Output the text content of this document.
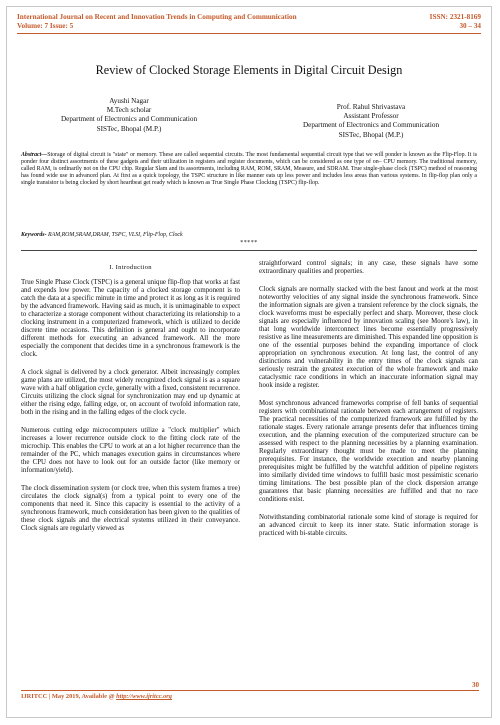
International Journal on Recent and Innovation Trends in Computing and Communication
Volume: 7 Issue: 5
ISSN: 2321-8169
30 – 34
Review of Clocked Storage Elements in Digital Circuit Design
Ayushi Nagar
M.Tech scholar
Department of Electronics and Communication
SISTec, Bhopal (M.P.)
Prof. Rahul Shrivastava
Assistant Professor
Department of Electronics and Communication
SISTec, Bhopal (M.P.)
Abstract—Storage of digital circuit is "state" or memory. These are called sequential circuits. The most fundamental sequential circuit type that we will ponder is known as the Flip-Flop. It is ponder four distinct assortments of these gadgets and their utilization in registers and register documents, which can be considered as one type of on– CPU memory. The traditional memory, called RAM, is ordinarily not on the CPU chip. Regular Slam and its assortments, including RAM, ROM, SRAM, Measure, and SDRAM. True single-phase clock (TSPC) method of reasoning has found wide use in advanced plan. At first as a quick topology, the TSPC structure in like manner eats up less power and includes less areas than various systems. In flip-flop plan only a single transistor is being clocked by short heartbeat get ready which is known as True Single Phase Clocking (TSPC) flip-flop.
Keywords- RAM,ROM,SRAM,DRAM, TSPC, VLSI, Flip-Flop, Clock
*****
I. Introduction

True Single Phase Clock (TSPC) is a general unique flip-flop that works at fast and expends low power. The capacity of a clocked storage component is to catch the data at a specific minute in time and protect it as long as it is required by the advanced framework. Having said as much, it is unimaginable to expect to characterize a storage component without characterizing its relationship to a clocking instrument in a computerized framework, which is utilized to decide discrete time occasions. This definition is general and ought to incorporate different methods for executing an advanced framework. All the more especially the component that decides time in a synchronous framework is the clock.

A clock signal is delivered by a clock generator. Albeit increasingly complex game plans are utilized, the most widely recognized clock signal is as a square wave with a half obligation cycle, generally with a fixed, consistent recurrence. Circuits utilizing the clock signal for synchronization may end up dynamic at either the rising edge, falling edge, or, on account of twofold information rate, both in the rising and in the falling edges of the clock cycle.

Numerous cutting edge microcomputers utilize a "clock multiplier" which increases a lower recurrence outside clock to the fitting clock rate of the microchip. This enables the CPU to work at an a lot higher recurrence than the remainder of the PC, which manages execution gains in circumstances where the CPU does not have to look out for an outside factor (like memory or information/yield).

The clock dissemination system (or clock tree, when this system frames a tree) circulates the clock signal(s) from a typical point to every one of the components that need it. Since this capacity is essential to the activity of a synchronous framework, much consideration has been given to the qualities of these clock signals and the electrical systems utilized in their conveyance. Clock signals are regularly viewed as

straightforward control signals; in any case, these signals have some extraordinary qualities and properties.

Clock signals are normally stacked with the best fanout and work at the most noteworthy velocities of any signal inside the synchronous framework. Since the information signals are given a transient reference by the clock signals, the clock waveforms must be especially perfect and sharp. Moreover, these clock signals are especially influenced by innovation scaling (see Moore's law), in that long worldwide interconnect lines become essentially progressively resistive as line measurements are diminished. This expanded line opposition is one of the essential purposes behind the expanding importance of clock appropriation on synchronous execution. At long last, the control of any distinctions and vulnerability in the entry times of the clock signals can seriously restrain the greatest execution of the whole framework and make cataclysmic race conditions in which an inaccurate information signal may hook inside a register.

Most synchronous advanced frameworks comprise of fell banks of sequential registers with combinational rationale between each arrangement of registers. The practical necessities of the computerized framework are fulfilled by the rationale stages. Every rationale arrange presents defer that influences timing execution, and the planning execution of the computerized structure can be assessed with respect to the planning necessities by a planning examination. Regularly extraordinary thought must be made to meet the planning prerequisites. For instance, the worldwide execution and nearby planning prerequisites might be fulfilled by the watchful addition of pipeline registers into similarly divided time windows to fulfill basic most pessimistic scenario timing limitations. The best possible plan of the clock dispersion arrange guarantees that basic planning necessities are fulfilled and that no race conditions exist.

Notwithstanding combinatorial rationale some kind of storage is required for an advanced circuit to keep its inner state. Static information storage is practiced with bi-stable circuits.

30
IJRITCC | May 2019, Available @ http://www.ijritcc.org
